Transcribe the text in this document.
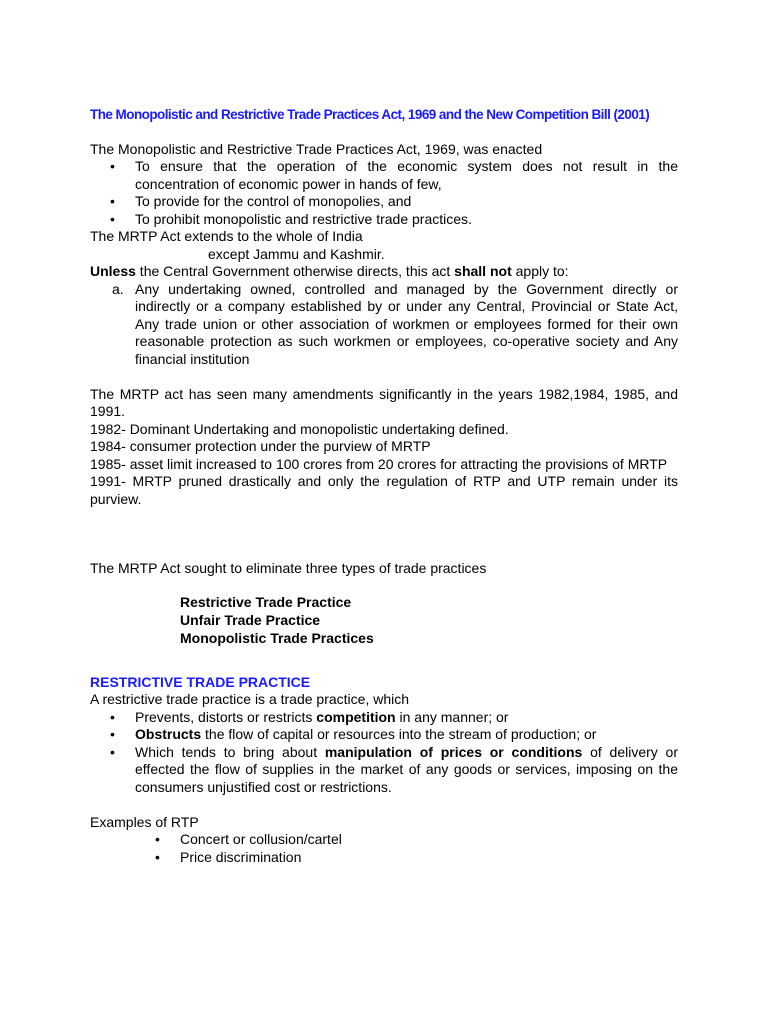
The Monopolistic and Restrictive Trade Practices Act, 1969 and the New Competition Bill (2001)

The Monopolistic and Restrictive Trade Practices Act, 1969, was enacted

• To ensure that the operation of the economic system does not result in the concentration of economic power in hands of few,
• To provide for the control of monopolies, and
• To prohibit monopolistic and restrictive trade practices.

The MRTP Act extends to the whole of India

except Jammu and Kashmir.

Unless the Central Government otherwise directs, this act shall not apply to:

a. Any undertaking owned, controlled and managed by the Government directly or indirectly or a company established by or under any Central, Provincial or State Act, Any trade union or other association of workmen or employees formed for their own reasonable protection as such workmen or employees, co-operative society and Any financial institution

The MRTP act has seen many amendments significantly in the years 1982,1984, 1985, and 1991.

1982- Dominant Undertaking and monopolistic undertaking defined.

1984- consumer protection under the purview of MRTP

1985- asset limit increased to 100 crores from 20 crores for attracting the provisions of MRTP

1991- MRTP pruned drastically and only the regulation of RTP and UTP remain under its purview.

The MRTP Act sought to eliminate three types of trade practices

Restrictive Trade Practice
Unfair Trade Practice
Monopolistic Trade Practices
RESTRICTIVE TRADE PRACTICE

A restrictive trade practice is a trade practice, which

• Prevents, distorts or restricts competition in any manner; or
• Obstructs the flow of capital or resources into the stream of production; or
• Which tends to bring about manipulation of prices or conditions of delivery or effected the flow of supplies in the market of any goods or services, imposing on the consumers unjustified cost or restrictions.

Examples of RTP

• Concert or collusion/cartel
• Price discrimination
